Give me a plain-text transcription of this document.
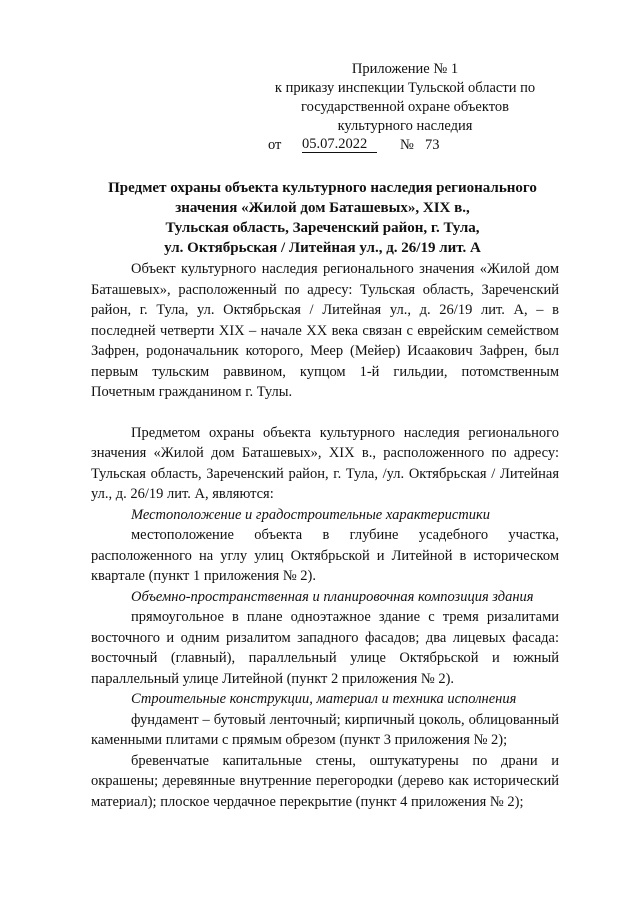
Приложение № 1
к приказу инспекции Тульской области по
государственной охране объектов
культурного наследия
от 05.07.2022	№ 73
Предмет охраны объекта культурного наследия регионального
значения «Жилой дом Баташевых», XIX в.,
Тульская область, Зареченский район, г. Тула,
ул. Октябрьская / Литейная ул., д. 26/19 лит. А

Объект культурного наследия регионального значения «Жилой дом Баташевых», расположенный по адресу: Тульская область, Зареченский район, г. Тула, ул. Октябрьская / Литейная ул., д. 26/19 лит. А, – в последней четверти XIX – начале XX века связан с еврейским семейством Зафрен, родоначальник которого, Меер (Мейер) Исаакович Зафрен, был первым тульским раввином, купцом 1-й гильдии, потомственным Почетным гражданином г. Тулы.

Предметом охраны объекта культурного наследия регионального значения «Жилой дом Баташевых», XIX в., расположенного по адресу: Тульская область, Зареченский район, г. Тула, /ул. Октябрьская / Литейная ул., д. 26/19 лит. А, являются:

Местоположение и градостроительные характеристики

местоположение объекта в глубине усадебного участка, расположенного на углу улиц Октябрьской и Литейной в историческом квартале (пункт 1 приложения № 2).

Объемно-пространственная и планировочная композиция здания

прямоугольное в плане одноэтажное здание с тремя ризалитами восточного и одним ризалитом западного фасадов; два лицевых фасада: восточный (главный), параллельный улице Октябрьской и южный параллельный улице Литейной (пункт 2 приложения № 2).

Строительные конструкции, материал и техника исполнения

фундамент – бутовый ленточный; кирпичный цоколь, облицованный каменными плитами с прямым обрезом (пункт 3 приложения № 2);

бревенчатые капитальные стены, оштукатурены по драни и окрашены; деревянные внутренние перегородки (дерево как исторический материал); плоское чердачное перекрытие (пункт 4 приложения № 2);
